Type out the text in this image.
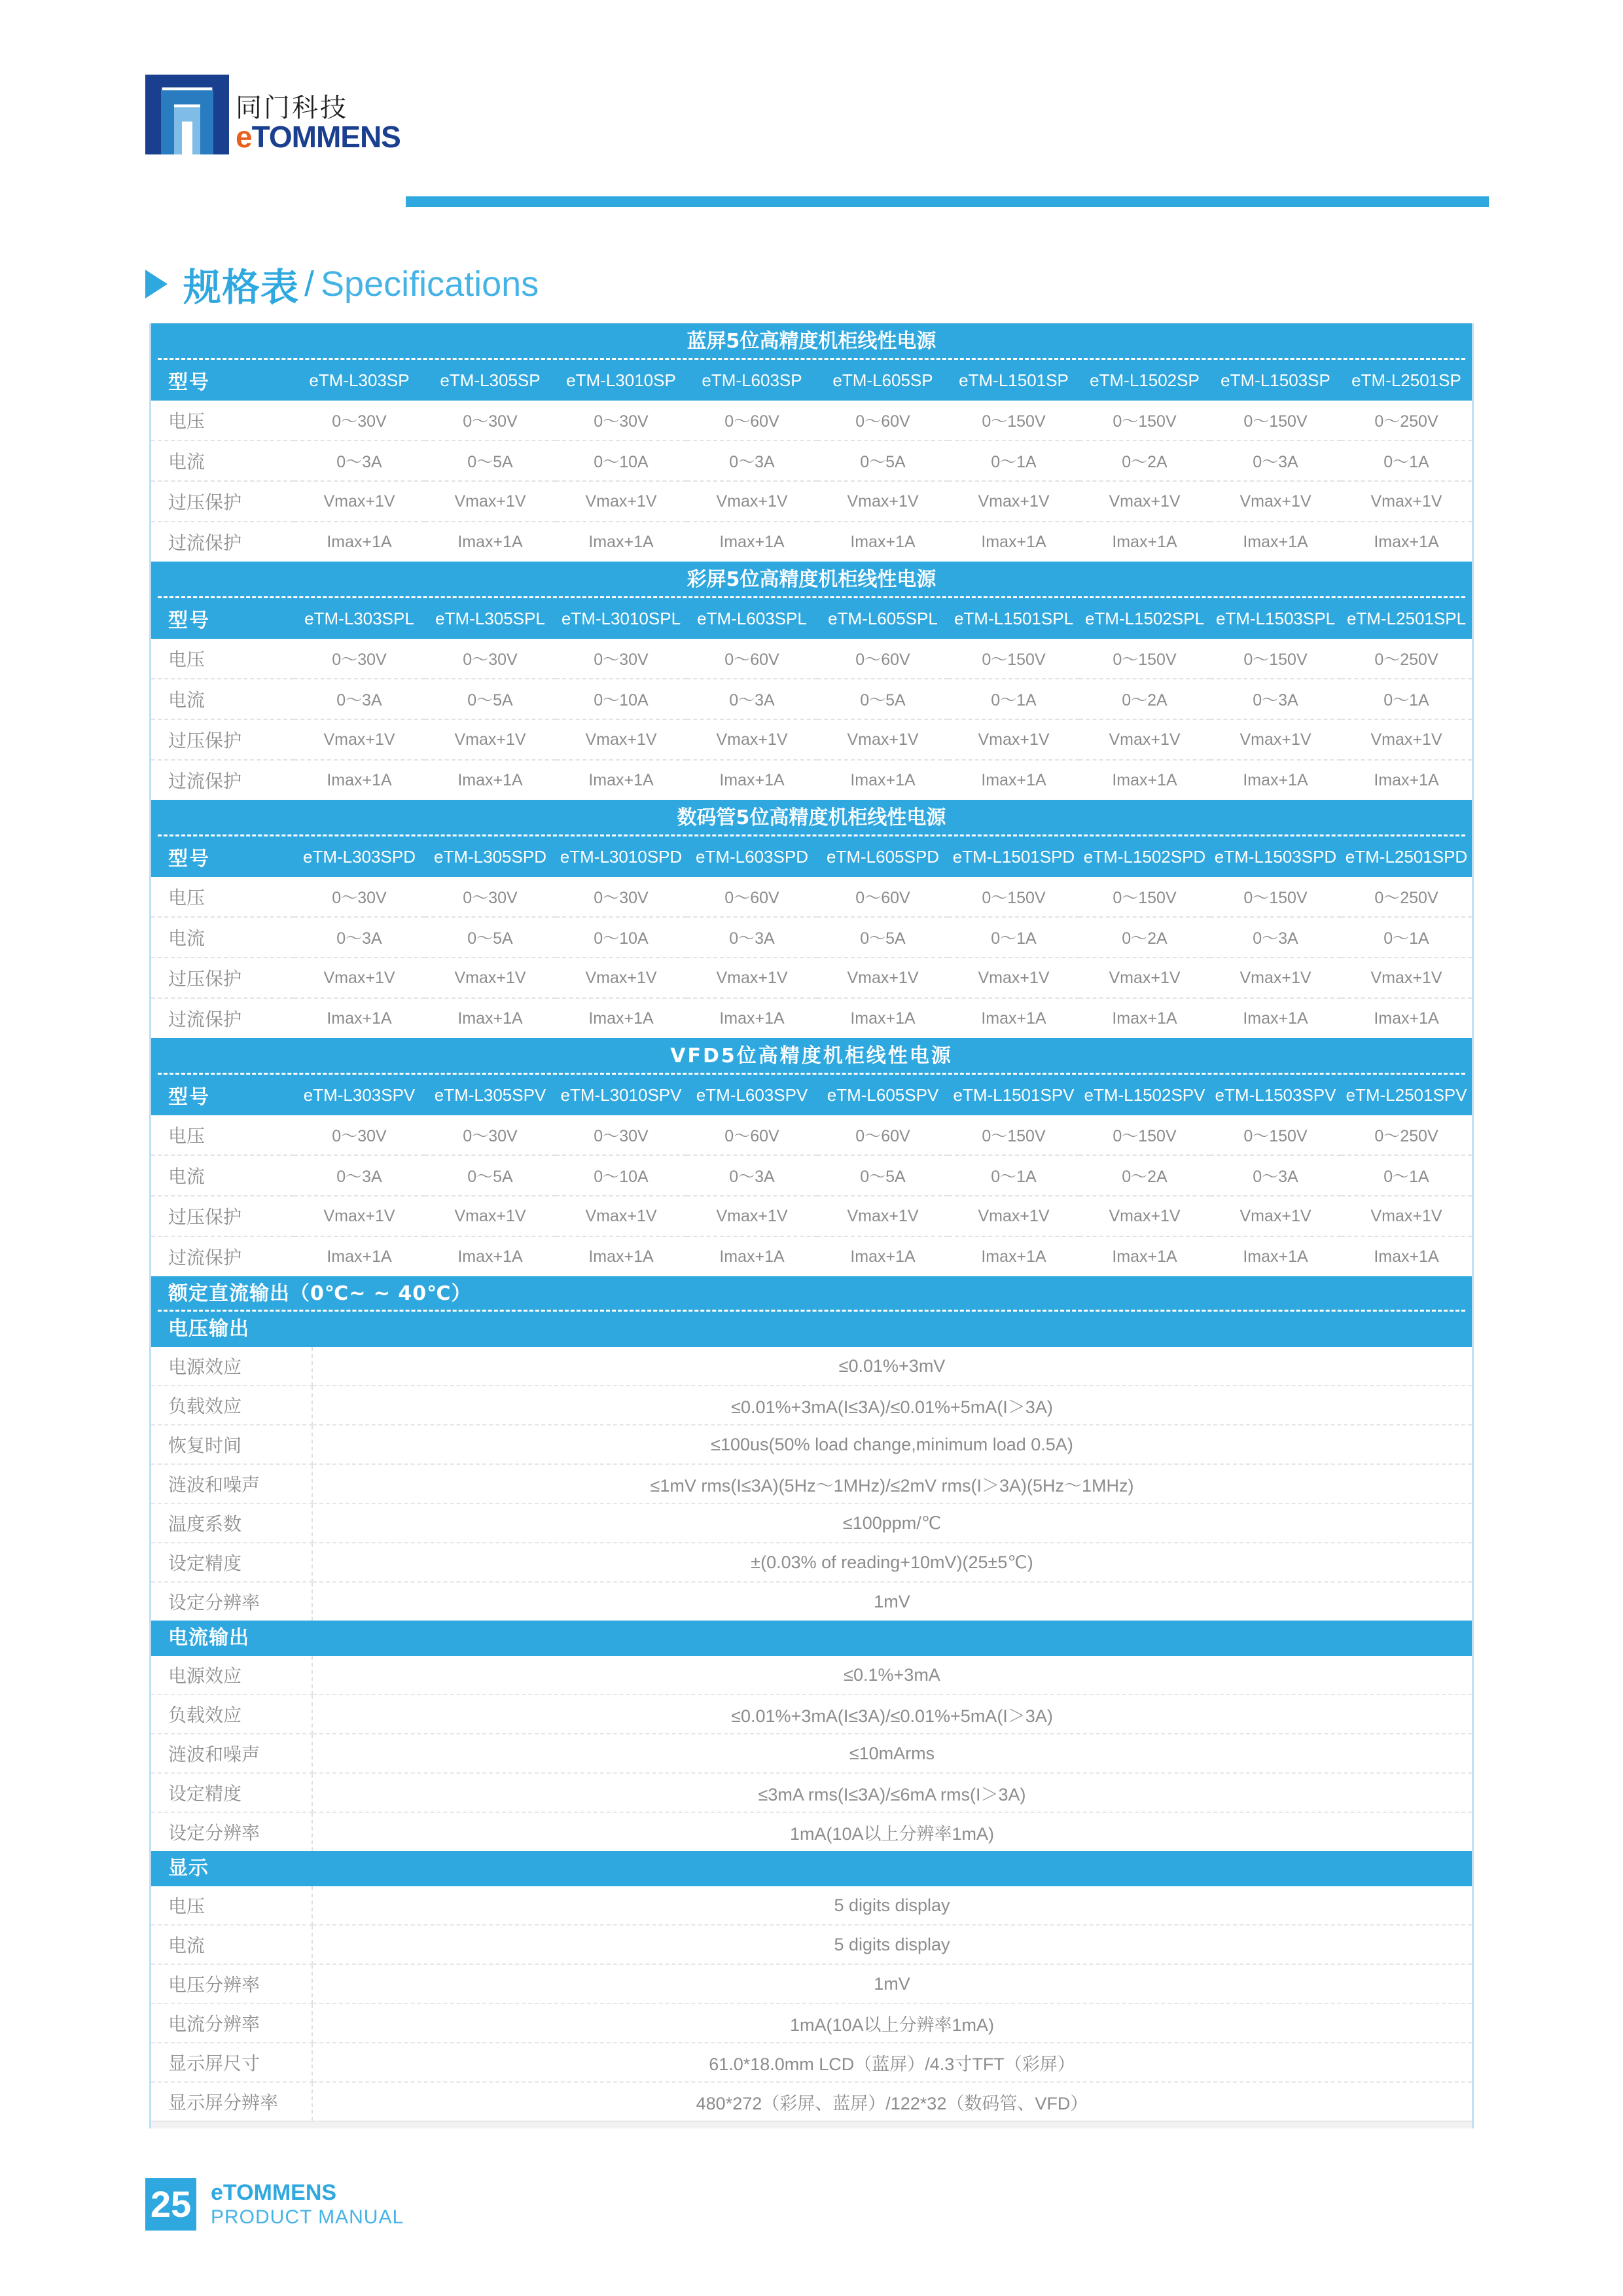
同门科技
eTOMMENS
规格表 / Specifications
蓝屏5位高精度机柜线性电源
型号	eTM-L303SP	eTM-L305SP	eTM-L3010SP	eTM-L603SP	eTM-L605SP	eTM-L1501SP	eTM-L1502SP	eTM-L1503SP	eTM-L2501SP
电压	0～30V	0～30V	0～30V	0～60V	0～60V	0～150V	0～150V	0～150V	0～250V
电流	0～3A	0～5A	0～10A	0～3A	0～5A	0～1A	0～2A	0～3A	0～1A
过压保护	Vmax+1V	Vmax+1V	Vmax+1V	Vmax+1V	Vmax+1V	Vmax+1V	Vmax+1V	Vmax+1V	Vmax+1V
过流保护	Imax+1A	Imax+1A	Imax+1A	Imax+1A	Imax+1A	Imax+1A	Imax+1A	Imax+1A	Imax+1A
彩屏5位高精度机柜线性电源
型号	eTM-L303SPL	eTM-L305SPL	eTM-L3010SPL	eTM-L603SPL	eTM-L605SPL	eTM-L1501SPL	eTM-L1502SPL	eTM-L1503SPL	eTM-L2501SPL
电压	0～30V	0～30V	0～30V	0～60V	0～60V	0～150V	0～150V	0～150V	0～250V
电流	0～3A	0～5A	0～10A	0～3A	0～5A	0～1A	0～2A	0～3A	0～1A
过压保护	Vmax+1V	Vmax+1V	Vmax+1V	Vmax+1V	Vmax+1V	Vmax+1V	Vmax+1V	Vmax+1V	Vmax+1V
过流保护	Imax+1A	Imax+1A	Imax+1A	Imax+1A	Imax+1A	Imax+1A	Imax+1A	Imax+1A	Imax+1A
数码管5位高精度机柜线性电源
型号	eTM-L303SPD	eTM-L305SPD	eTM-L3010SPD	eTM-L603SPD	eTM-L605SPD	eTM-L1501SPD	eTM-L1502SPD	eTM-L1503SPD	eTM-L2501SPD
电压	0～30V	0～30V	0～30V	0～60V	0～60V	0～150V	0～150V	0～150V	0～250V
电流	0～3A	0～5A	0～10A	0～3A	0～5A	0～1A	0～2A	0～3A	0～1A
过压保护	Vmax+1V	Vmax+1V	Vmax+1V	Vmax+1V	Vmax+1V	Vmax+1V	Vmax+1V	Vmax+1V	Vmax+1V
过流保护	Imax+1A	Imax+1A	Imax+1A	Imax+1A	Imax+1A	Imax+1A	Imax+1A	Imax+1A	Imax+1A
VFD5位高精度机柜线性电源
型号	eTM-L303SPV	eTM-L305SPV	eTM-L3010SPV	eTM-L603SPV	eTM-L605SPV	eTM-L1501SPV	eTM-L1502SPV	eTM-L1503SPV	eTM-L2501SPV
电压	0～30V	0～30V	0～30V	0～60V	0～60V	0～150V	0～150V	0～150V	0～250V
电流	0～3A	0～5A	0～10A	0～3A	0～5A	0～1A	0～2A	0～3A	0～1A
过压保护	Vmax+1V	Vmax+1V	Vmax+1V	Vmax+1V	Vmax+1V	Vmax+1V	Vmax+1V	Vmax+1V	Vmax+1V
过流保护	Imax+1A	Imax+1A	Imax+1A	Imax+1A	Imax+1A	Imax+1A	Imax+1A	Imax+1A	Imax+1A
额定直流输出（0℃~ ~ 40℃）
电压输出
电源效应	≤0.01%+3mV
负载效应	≤0.01%+3mA(I≤3A)/≤0.01%+5mA(I＞3A)
恢复时间	≤100us(50% load change,minimum load 0.5A)
涟波和噪声	≤1mV rms(I≤3A)(5Hz～1MHz)/≤2mV rms(I＞3A)(5Hz～1MHz)
温度系数	≤100ppm/℃
设定精度	±(0.03% of reading+10mV)(25±5℃)
设定分辨率	1mV
电流输出
电源效应	≤0.1%+3mA
负载效应	≤0.01%+3mA(I≤3A)/≤0.01%+5mA(I＞3A)
涟波和噪声	≤10mArms
设定精度	≤3mA rms(I≤3A)/≤6mA rms(I＞3A)
设定分辨率	1mA(10A以上分辨率1mA)
显示
电压	5 digits display
电流	5 digits display
电压分辨率	1mV
电流分辨率	1mA(10A以上分辨率1mA)
显示屏尺寸	61.0*18.0mm LCD（蓝屏）/4.3寸TFT（彩屏）
显示屏分辨率	480*272（彩屏、蓝屏）/122*32（数码管、VFD）
25 eTOMMENS
PRODUCT MANUAL
